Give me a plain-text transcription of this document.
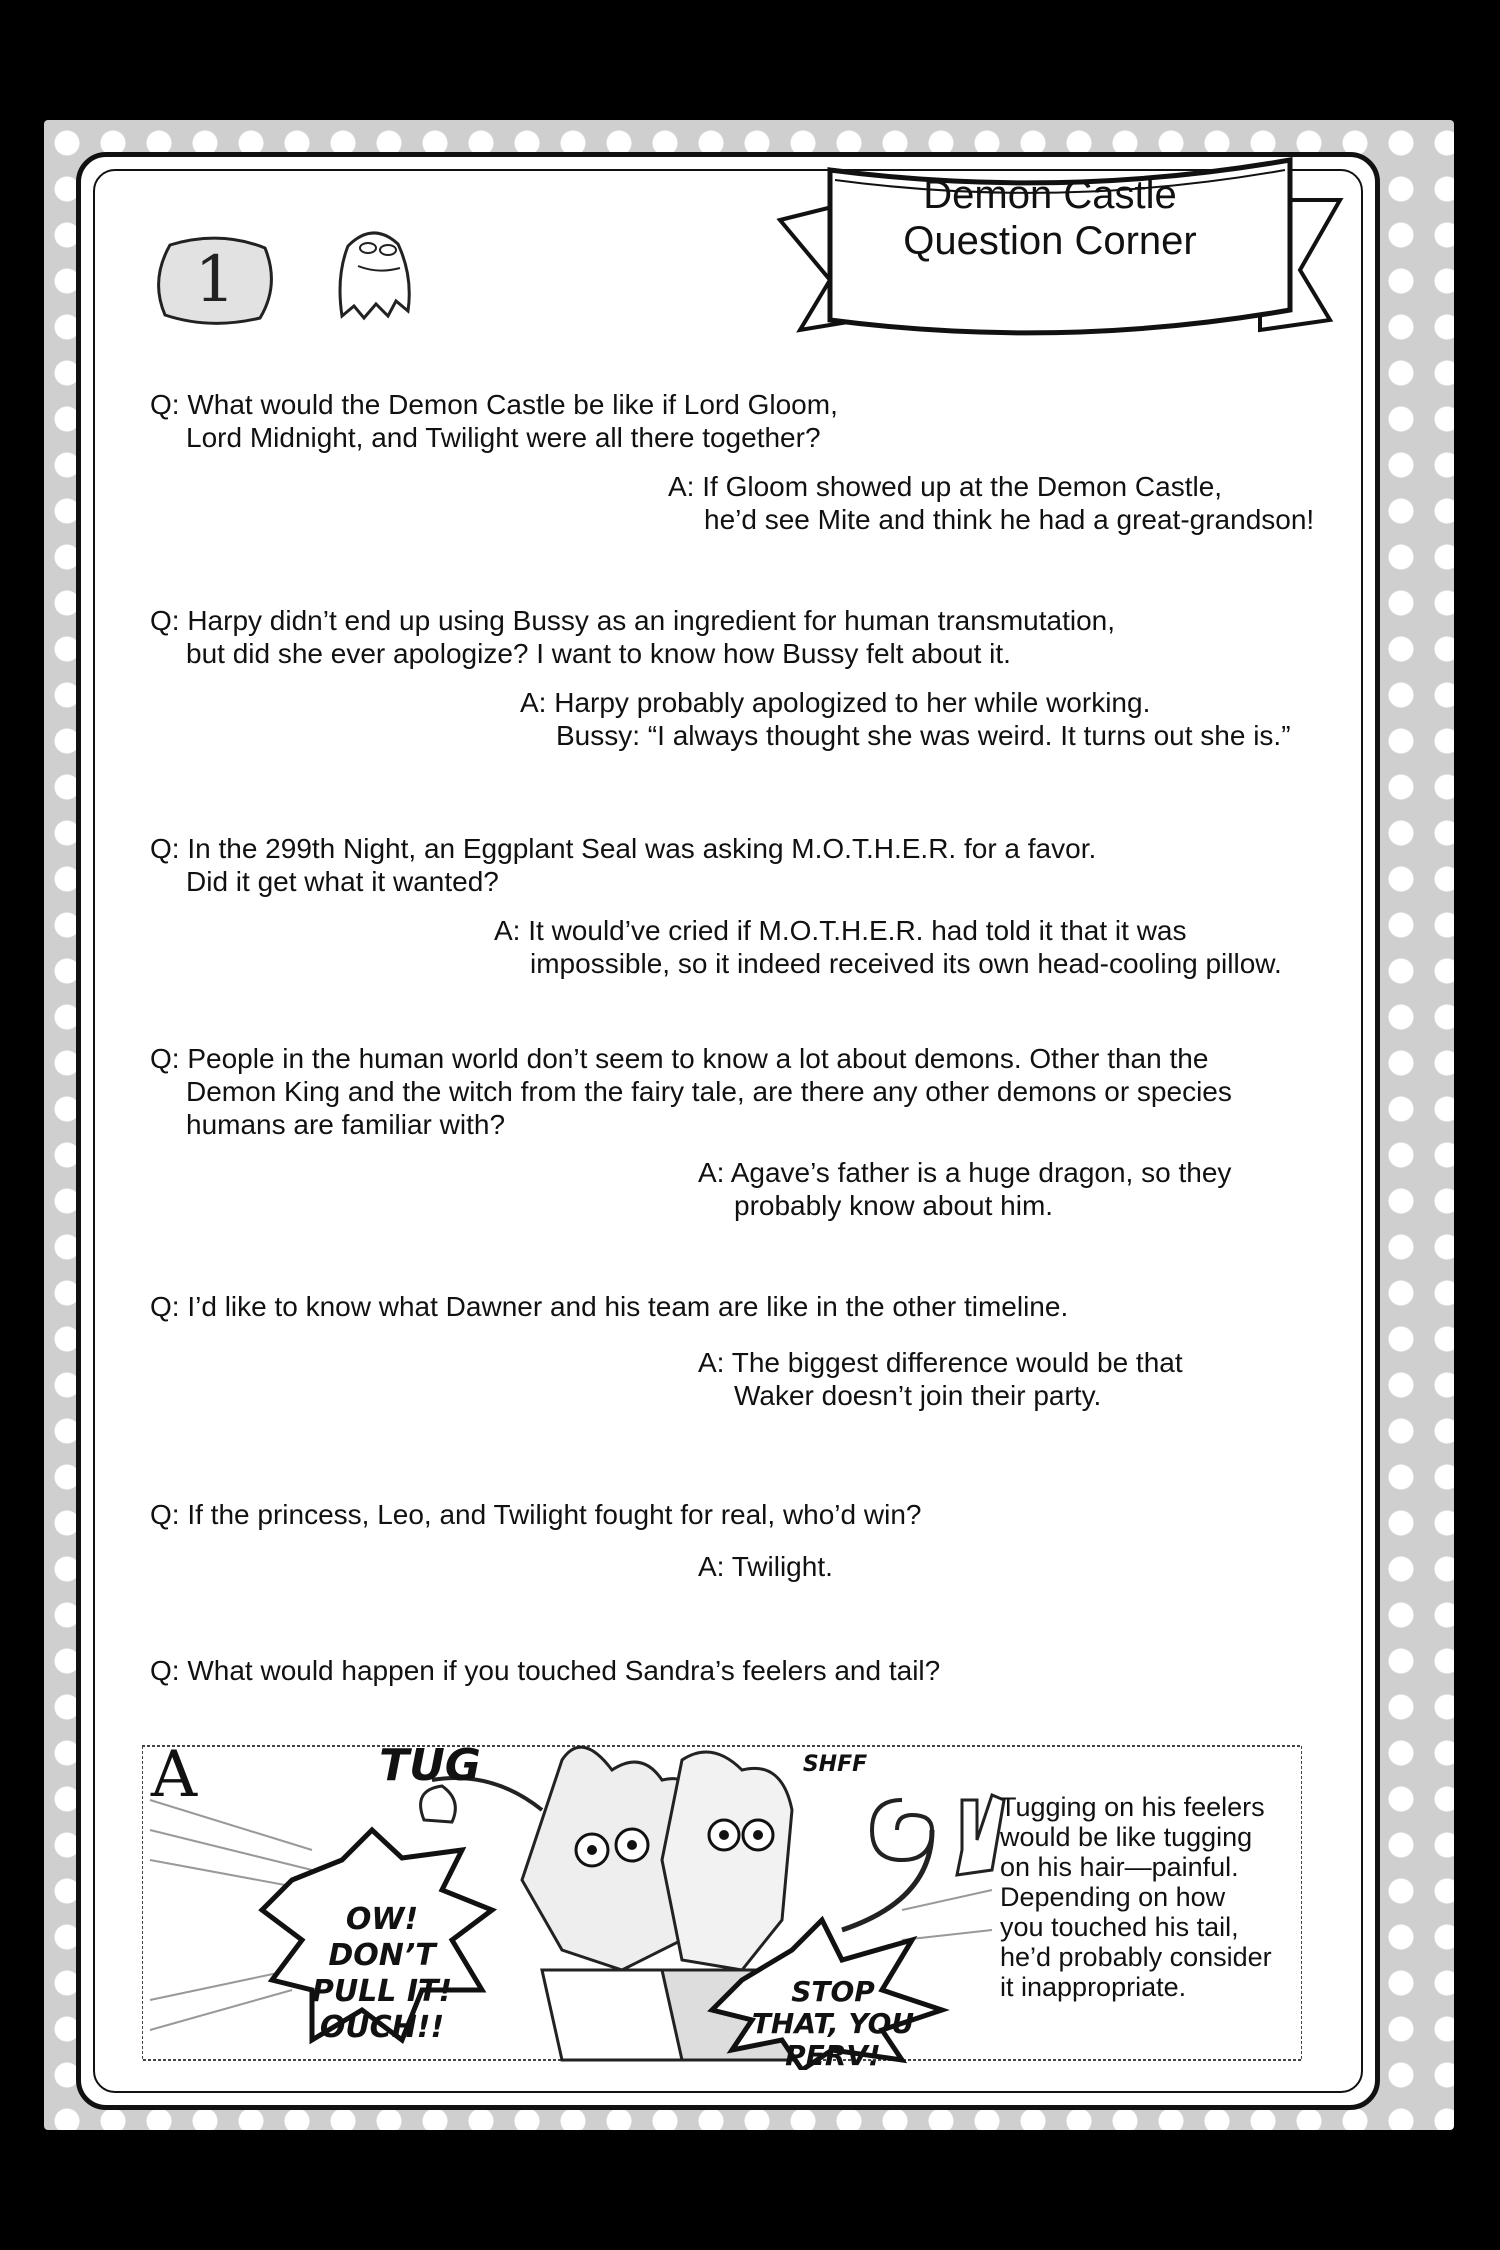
Demon Castle
Question Corner
1
Q: What would the Demon Castle be like if Lord Gloom,
Lord Midnight, and Twilight were all there together?
A: If Gloom showed up at the Demon Castle,
he’d see Mite and think he had a great-grandson!
Q: Harpy didn’t end up using Bussy as an ingredient for human transmutation,
but did she ever apologize? I want to know how Bussy felt about it.
A: Harpy probably apologized to her while working.
Bussy: “I always thought she was weird. It turns out she is.”
Q: In the 299th Night, an Eggplant Seal was asking M.O.T.H.E.R. for a favor.
Did it get what it wanted?
A: It would’ve cried if M.O.T.H.E.R. had told it that it was
impossible, so it indeed received its own head-cooling pillow.
Q: People in the human world don’t seem to know a lot about demons. Other than the
Demon King and the witch from the fairy tale, are there any other demons or species
humans are familiar with?
A: Agave’s father is a huge dragon, so they
probably know about him.
Q: I’d like to know what Dawner and his team are like in the other timeline.
A: The biggest difference would be that
Waker doesn’t join their party.
Q: If the princess, Leo, and Twilight fought for real, who’d win?
A: Twilight.
Q: What would happen if you touched Sandra’s feelers and tail?
A	TUG	SHFF
OW!
DON’T
PULL IT!
OUCH!!
STOP
THAT, YOU
PERV!
Tugging on his feelers
would be like tugging
on his hair—painful.
Depending on how
you touched his tail,
he’d probably consider
it inappropriate.
